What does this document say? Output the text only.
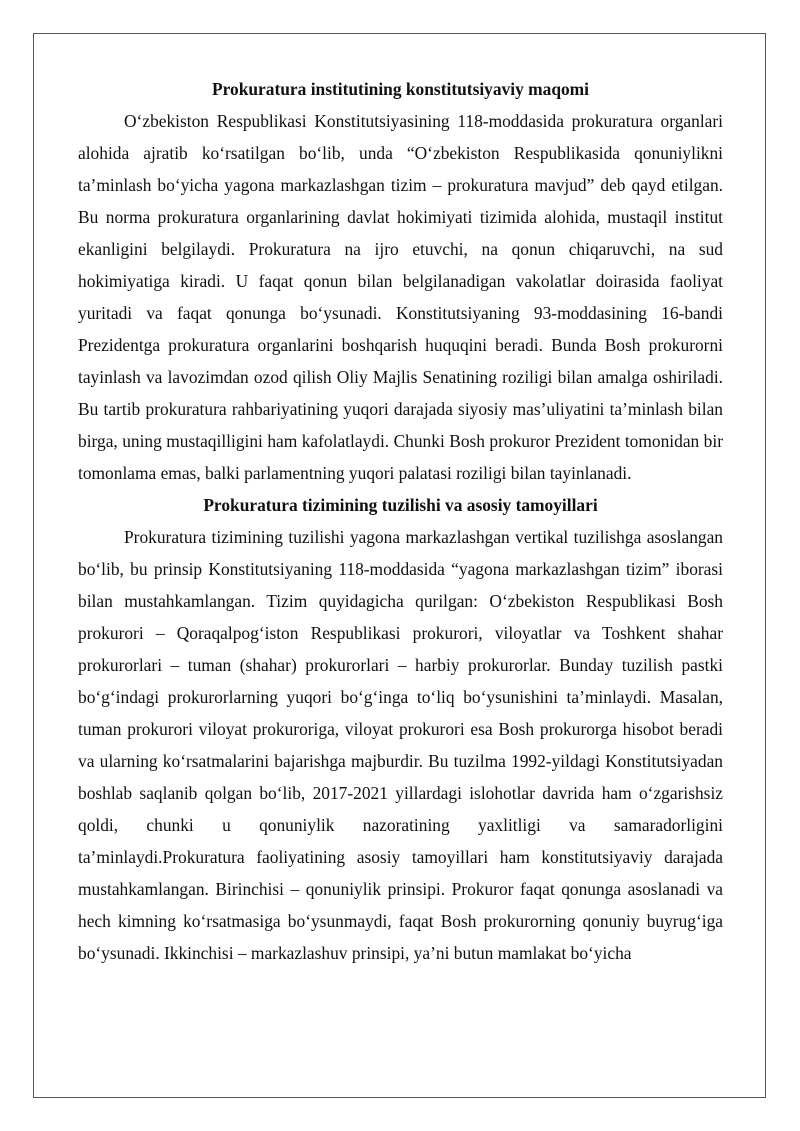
Prokuratura institutining konstitutsiyaviy maqomi

O‘zbekiston Respublikasi Konstitutsiyasining 118-moddasida prokuratura organlari alohida ajratib ko‘rsatilgan bo‘lib, unda “O‘zbekiston Respublikasida qonuniylikni ta’minlash bo‘yicha yagona markazlashgan tizim – prokuratura mavjud” deb qayd etilgan. Bu norma prokuratura organlarining davlat hokimiyati tizimida alohida, mustaqil institut ekanligini belgilaydi. Prokuratura na ijro etuvchi, na qonun chiqaruvchi, na sud hokimiyatiga kiradi. U faqat qonun bilan belgilanadigan vakolatlar doirasida faoliyat yuritadi va faqat qonunga bo‘ysunadi. Konstitutsiyaning 93-moddasining 16-bandi Prezidentga prokuratura organlarini boshqarish huquqini beradi. Bunda Bosh prokurorni tayinlash va lavozimdan ozod qilish Oliy Majlis Senatining roziligi bilan amalga oshiriladi. Bu tartib prokuratura rahbariyatining yuqori darajada siyosiy mas’uliyatini ta’minlash bilan birga, uning mustaqilligini ham kafolatlaydi. Chunki Bosh prokuror Prezident tomonidan bir tomonlama emas, balki parlamentning yuqori palatasi roziligi bilan tayinlanadi.

Prokuratura tizimining tuzilishi va asosiy tamoyillari

Prokuratura tizimining tuzilishi yagona markazlashgan vertikal tuzilishga asoslangan bo‘lib, bu prinsip Konstitutsiyaning 118-moddasida “yagona markazlashgan tizim” iborasi bilan mustahkamlangan. Tizim quyidagicha qurilgan: O‘zbekiston Respublikasi Bosh prokurori – Qoraqalpog‘iston Respublikasi prokurori, viloyatlar va Toshkent shahar prokurorlari – tuman (shahar) prokurorlari – harbiy prokurorlar. Bunday tuzilish pastki bo‘g‘indagi prokurorlarning yuqori bo‘g‘inga to‘liq bo‘ysunishini ta’minlaydi. Masalan, tuman prokurori viloyat prokuroriga, viloyat prokurori esa Bosh prokurorga hisobot beradi va ularning ko‘rsatmalarini bajarishga majburdir. Bu tuzilma 1992-yildagi Konstitutsiyadan boshlab saqlanib qolgan bo‘lib, 2017-2021 yillardagi islohotlar davrida ham o‘zgarishsiz qoldi, chunki u qonuniylik nazoratining yaxlitligi va samaradorligini ta’minlaydi.Prokuratura faoliyatining asosiy tamoyillari ham konstitutsiyaviy darajada mustahkamlangan. Birinchisi – qonuniylik prinsipi. Prokuror faqat qonunga asoslanadi va hech kimning ko‘rsatmasiga bo‘ysunmaydi, faqat Bosh prokurorning qonuniy buyrug‘iga bo‘ysunadi. Ikkinchisi – markazlashuv prinsipi, ya’ni butun mamlakat bo‘yicha
